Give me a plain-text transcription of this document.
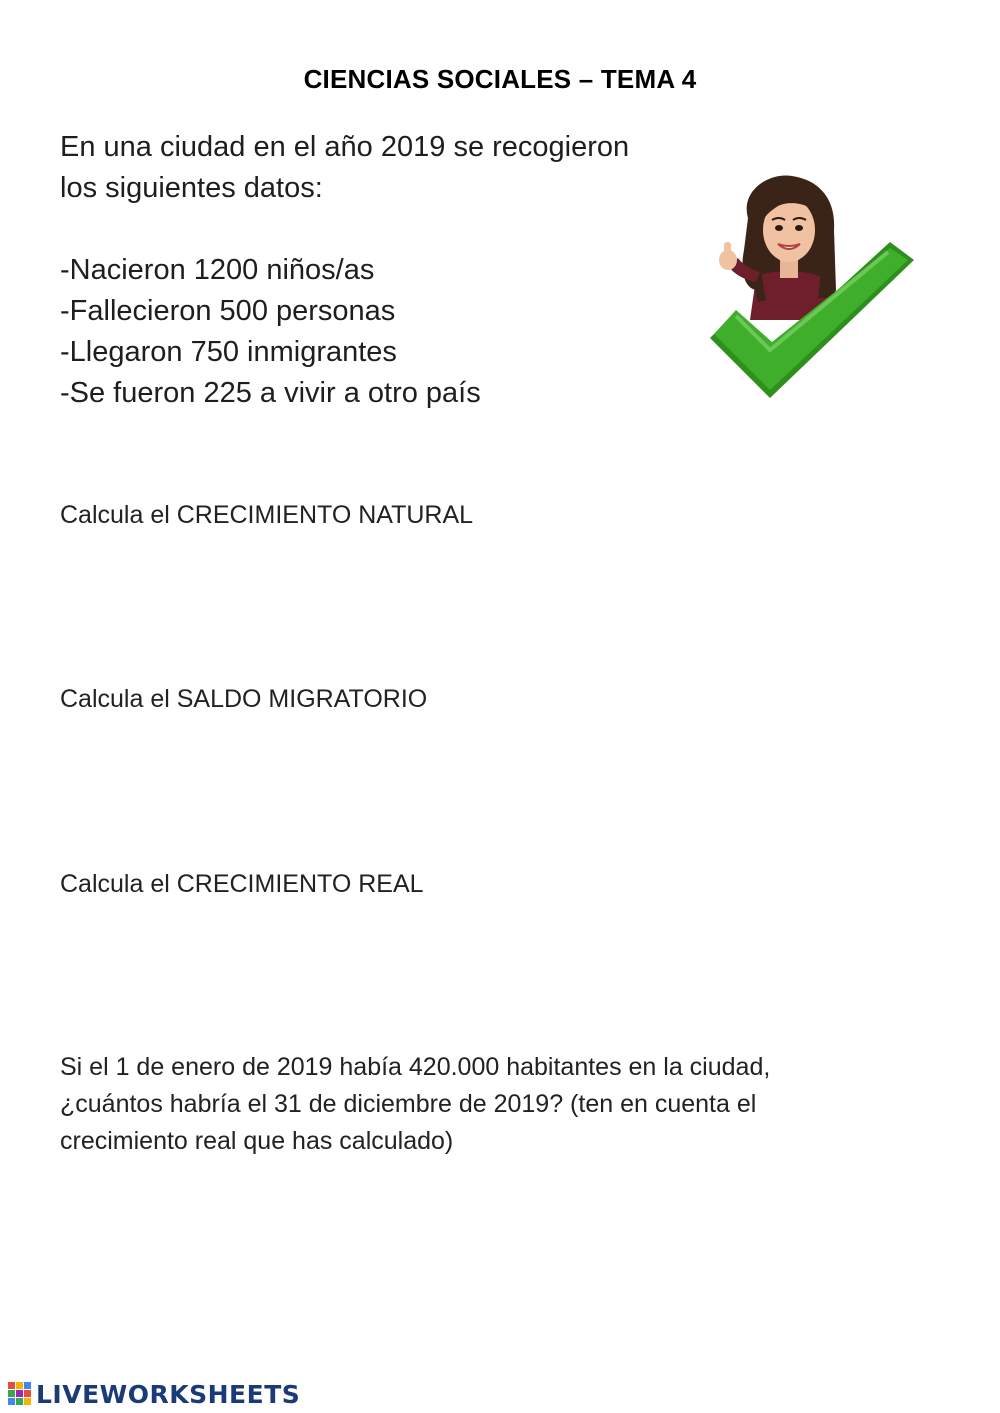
CIENCIAS SOCIALES – TEMA 4

En una ciudad en el año 2019 se recogieron

los siguientes datos:

-Nacieron 1200 niños/as
-Fallecieron 500 personas
-Llegaron 750 inmigrantes
-Se fueron 225 a vivir a otro país
Calcula el CRECIMIENTO NATURAL
Calcula el SALDO MIGRATORIO
Calcula el CRECIMIENTO REAL
Si el 1 de enero de 2019 había 420.000 habitantes en la ciudad,
¿cuántos habría el 31 de diciembre de 2019? (ten en cuenta el
crecimiento real que has calculado)
LIVEWORKSHEETS
